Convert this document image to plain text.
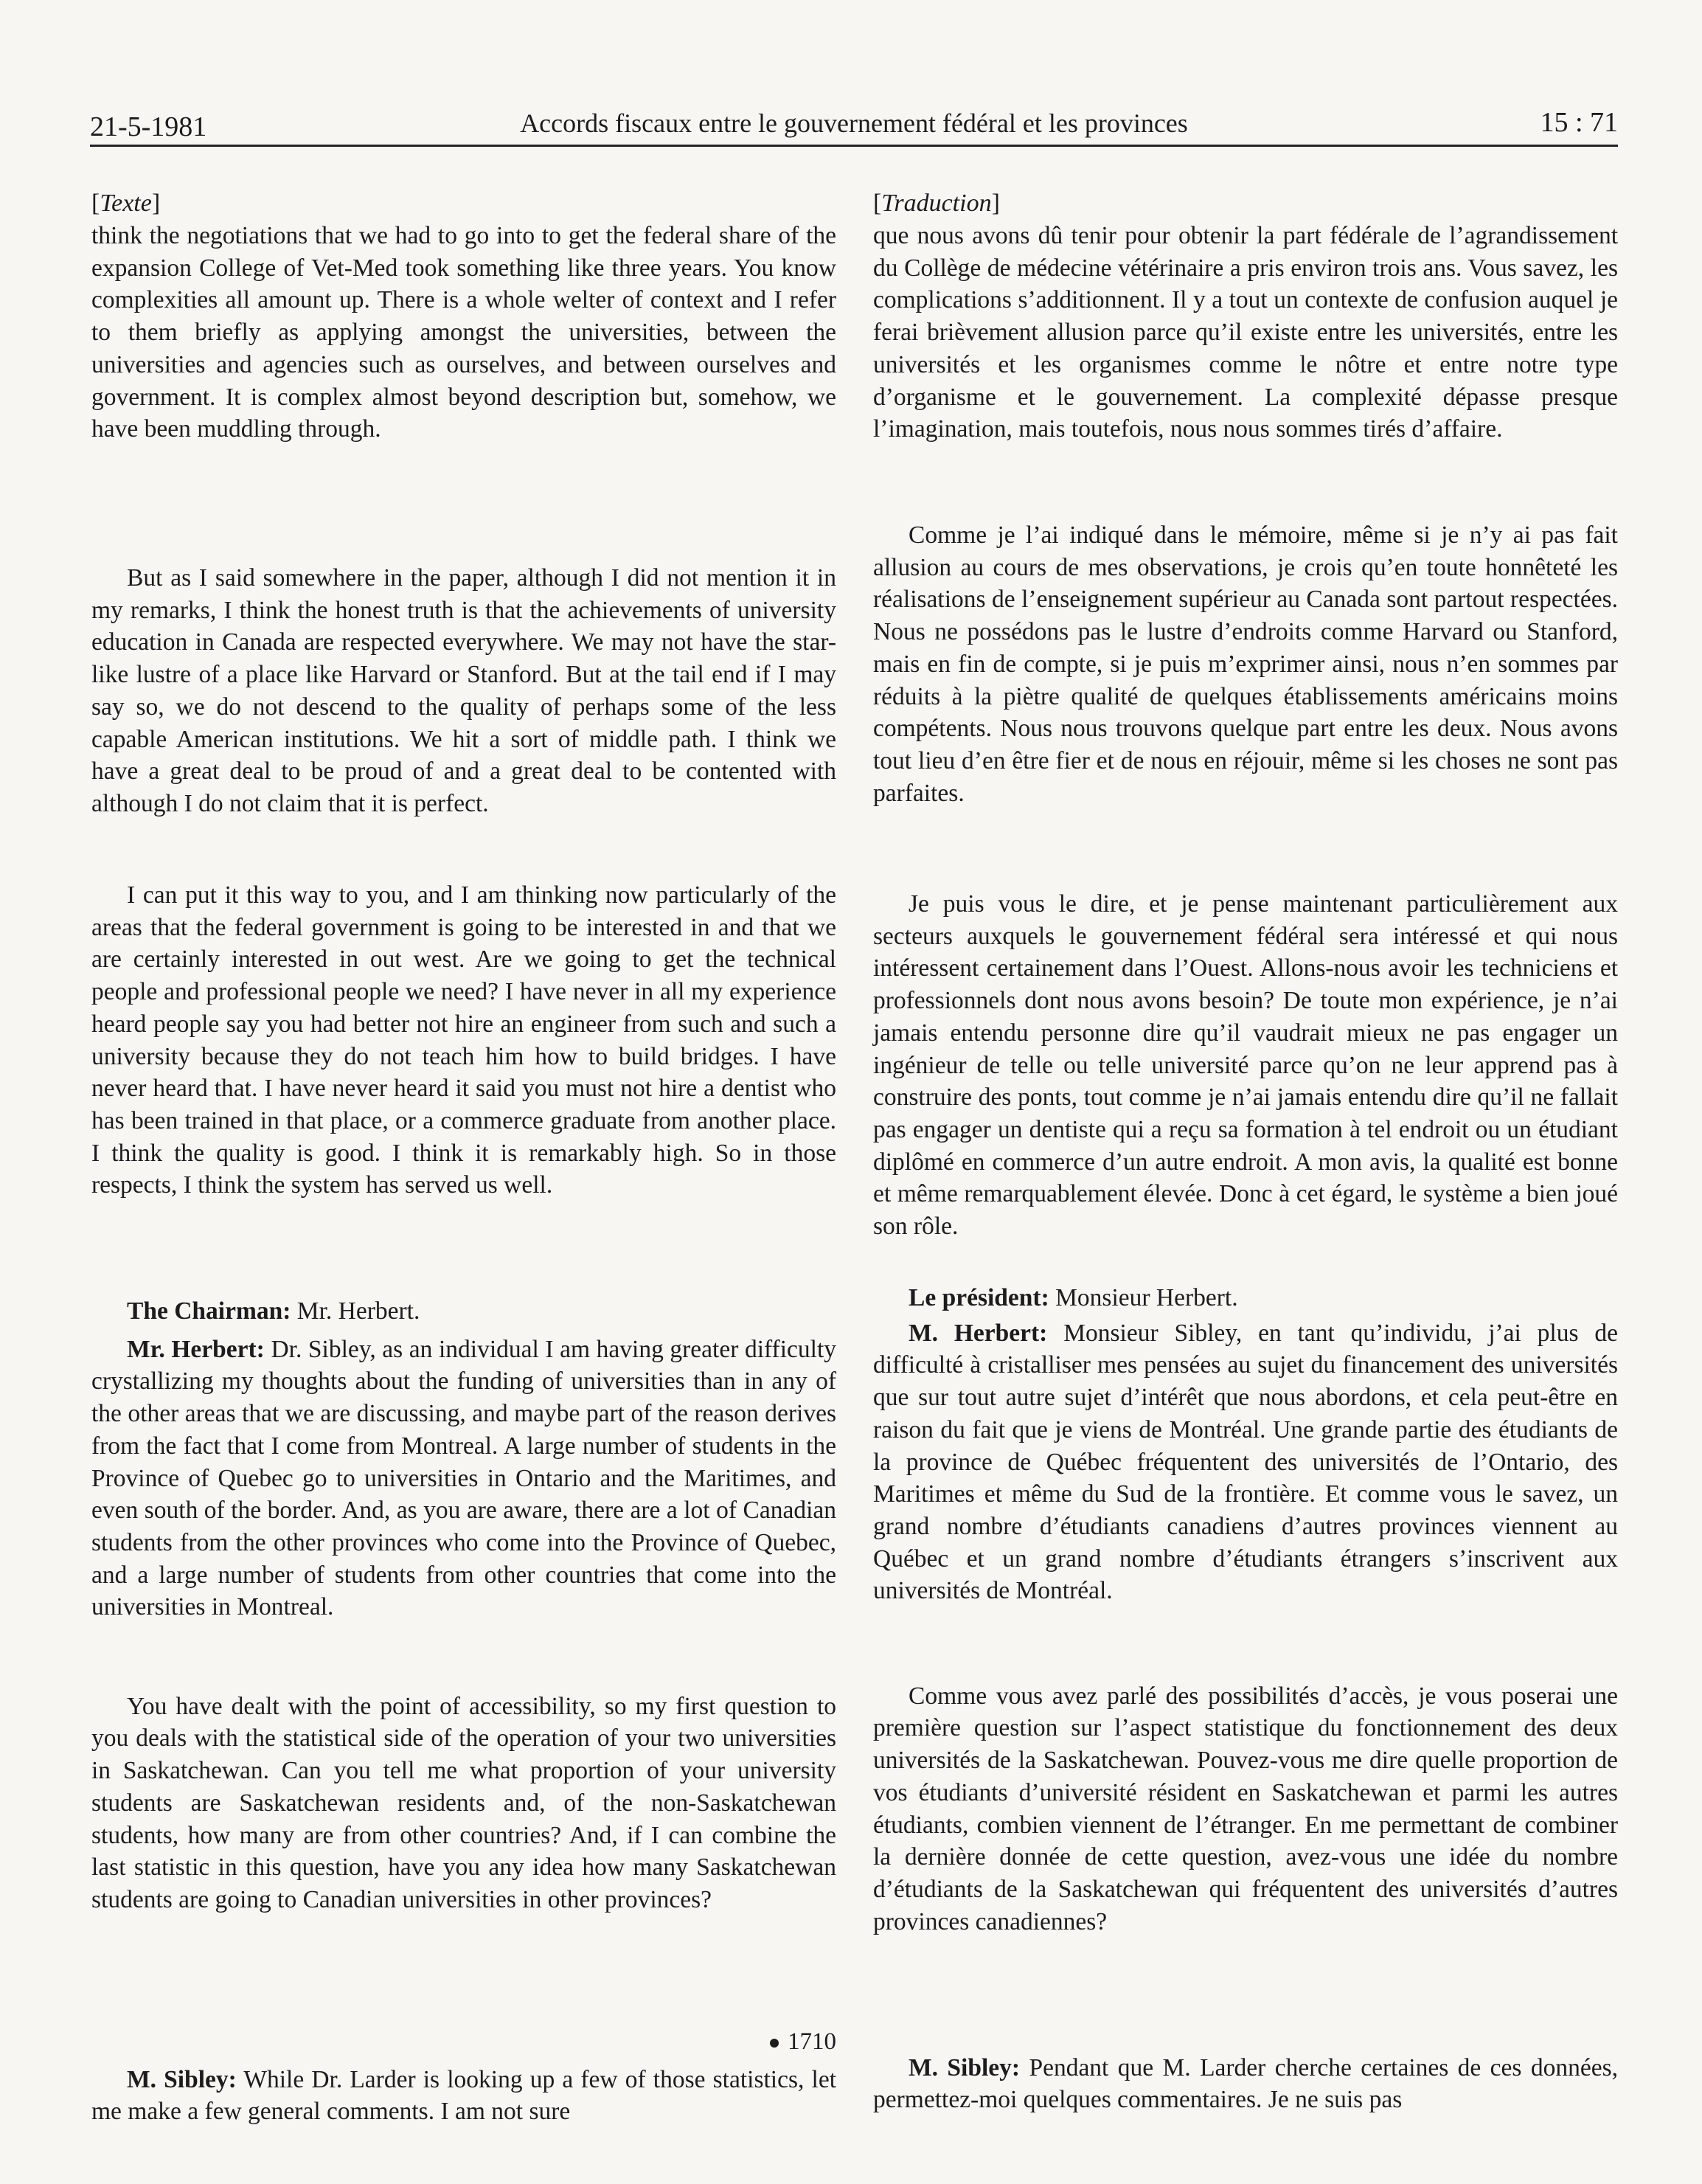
21-5-1981	Accords fiscaux entre le gouvernement fédéral et les provinces	15 : 71
[Texte]

think the negotiations that we had to go into to get the federal share of the expansion College of Vet-Med took something like three years. You know complexities all amount up. There is a whole welter of context and I refer to them briefly as applying amongst the universities, between the universities and agencies such as ourselves, and between ourselves and government. It is complex almost beyond description but, somehow, we have been muddling through.

But as I said somewhere in the paper, although I did not mention it in my remarks, I think the honest truth is that the achievements of university education in Canada are respected everywhere. We may not have the star-like lustre of a place like Harvard or Stanford. But at the tail end if I may say so, we do not descend to the quality of perhaps some of the less capable American institutions. We hit a sort of middle path. I think we have a great deal to be proud of and a great deal to be contented with although I do not claim that it is perfect.

I can put it this way to you, and I am thinking now particularly of the areas that the federal government is going to be interested in and that we are certainly interested in out west. Are we going to get the technical people and professional people we need? I have never in all my experience heard people say you had better not hire an engineer from such and such a university because they do not teach him how to build bridges. I have never heard that. I have never heard it said you must not hire a dentist who has been trained in that place, or a commerce graduate from another place. I think the quality is good. I think it is remarkably high. So in those respects, I think the system has served us well.

The Chairman: Mr. Herbert.

Mr. Herbert: Dr. Sibley, as an individual I am having greater difficulty crystallizing my thoughts about the funding of universities than in any of the other areas that we are discussing, and maybe part of the reason derives from the fact that I come from Montreal. A large number of students in the Province of Quebec go to universities in Ontario and the Maritimes, and even south of the border. And, as you are aware, there are a lot of Canadian students from the other provinces who come into the Province of Quebec, and a large number of students from other countries that come into the universities in Montreal.

You have dealt with the point of accessibility, so my first question to you deals with the statistical side of the operation of your two universities in Saskatchewan. Can you tell me what proportion of your university students are Saskatchewan residents and, of the non-Saskatchewan students, how many are from other countries? And, if I can combine the last statistic in this question, have you any idea how many Saskatchewan students are going to Canadian universities in other provinces?

1710

M. Sibley: While Dr. Larder is looking up a few of those statistics, let me make a few general comments. I am not sure

[Traduction]

que nous avons dû tenir pour obtenir la part fédérale de l’agrandissement du Collège de médecine vétérinaire a pris environ trois ans. Vous savez, les complications s’additionnent. Il y a tout un contexte de confusion auquel je ferai brièvement allusion parce qu’il existe entre les universités, entre les universités et les organismes comme le nôtre et entre notre type d’organisme et le gouvernement. La complexité dépasse presque l’imagination, mais toutefois, nous nous sommes tirés d’affaire.

Comme je l’ai indiqué dans le mémoire, même si je n’y ai pas fait allusion au cours de mes observations, je crois qu’en toute honnêteté les réalisations de l’enseignement supérieur au Canada sont partout respectées. Nous ne possédons pas le lustre d’endroits comme Harvard ou Stanford, mais en fin de compte, si je puis m’exprimer ainsi, nous n’en sommes par réduits à la piètre qualité de quelques établissements américains moins compétents. Nous nous trouvons quelque part entre les deux. Nous avons tout lieu d’en être fier et de nous en réjouir, même si les choses ne sont pas parfaites.

Je puis vous le dire, et je pense maintenant particulièrement aux secteurs auxquels le gouvernement fédéral sera intéressé et qui nous intéressent certainement dans l’Ouest. Allons-nous avoir les techniciens et professionnels dont nous avons besoin? De toute mon expérience, je n’ai jamais entendu personne dire qu’il vaudrait mieux ne pas engager un ingénieur de telle ou telle université parce qu’on ne leur apprend pas à construire des ponts, tout comme je n’ai jamais entendu dire qu’il ne fallait pas engager un dentiste qui a reçu sa formation à tel endroit ou un étudiant diplômé en commerce d’un autre endroit. A mon avis, la qualité est bonne et même remarquablement élevée. Donc à cet égard, le système a bien joué son rôle.

Le président: Monsieur Herbert.

M. Herbert: Monsieur Sibley, en tant qu’individu, j’ai plus de difficulté à cristalliser mes pensées au sujet du financement des universités que sur tout autre sujet d’intérêt que nous abordons, et cela peut-être en raison du fait que je viens de Montréal. Une grande partie des étudiants de la province de Québec fréquentent des universités de l’Ontario, des Maritimes et même du Sud de la frontière. Et comme vous le savez, un grand nombre d’étudiants canadiens d’autres provinces viennent au Québec et un grand nombre d’étudiants étrangers s’inscrivent aux universités de Montréal.

Comme vous avez parlé des possibilités d’accès, je vous poserai une première question sur l’aspect statistique du fonctionnement des deux universités de la Saskatchewan. Pouvez-vous me dire quelle proportion de vos étudiants d’université résident en Saskatchewan et parmi les autres étudiants, combien viennent de l’étranger. En me permettant de combiner la dernière donnée de cette question, avez-vous une idée du nombre d’étudiants de la Saskatchewan qui fréquentent des universités d’autres provinces canadiennes?

M. Sibley: Pendant que M. Larder cherche certaines de ces données, permettez-moi quelques commentaires. Je ne suis pas
